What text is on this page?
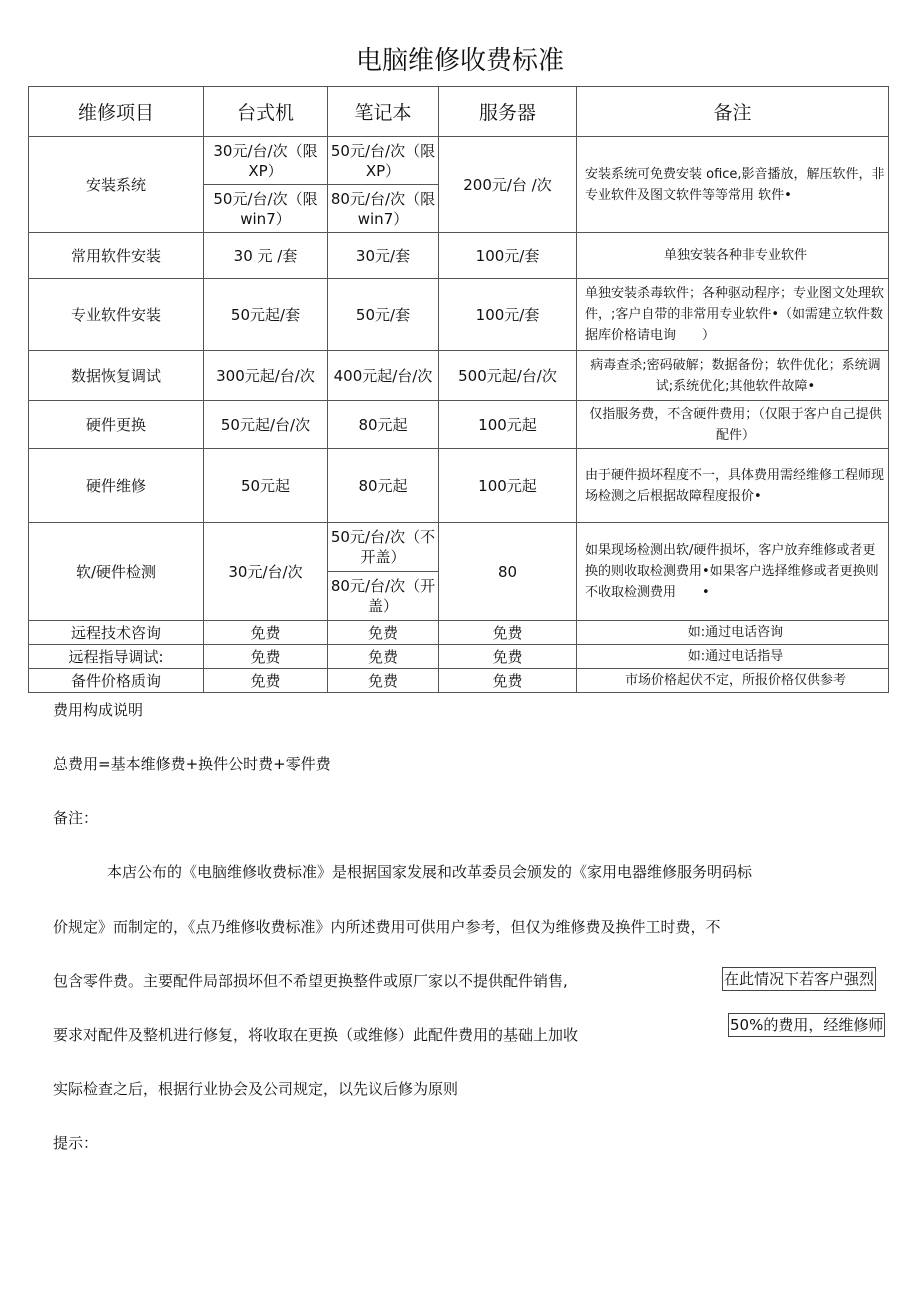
电脑维修收费标准
维修项目	台式机	笔记本	服务器	备注
安装系统	30元/台/次（限XP）	50元/台/次（限XP）	200元/台 /次	安装系统可免费安装 ofice,影音播放，解压软件，非专业软件及图文软件等等常用 软件•
	50元/台/次（限win7）	80元/台/次（限win7）		
常用软件安装	30 元 /套	30元/套	100元/套	单独安装各种非专业软件
专业软件安装	50元起/套	50元/套	100元/套	单独安装杀毒软件；各种驱动程序；专业图文处理软件，;客户自带的非常用专业软件•（如需建立软件数据库价格请电询　　）
数据恢复调试	300元起/台/次	400元起/台/次	500元起/台/次	病毒查杀;密码破解；数据备份；软件优化；系统调试;系统优化;其他软件故障•
硬件更换	50元起/台/次	80元起	100元起	仅指服务费，不含硬件费用；（仅限于客户自己提供配件）
硬件维修	50元起	80元起	100元起	由于硬件损坏程度不一，具体费用需经维修工程师现场检测之后根据故障程度报价•
软/硬件检测	30元/台/次	50元/台/次（不开盖）	80	如果现场检测出软/硬件损坏，客户放弃维修或者更换的则收取检测费用•如果客户选择维修或者更换则不收取检测费用　　•
		80元/台/次（开盖）		
远程技术咨询	免费	免费	免费	如:通过电话咨询
远程指导调试:	免费	免费	免费	如:通过电话指导
备件价格质询	免费	免费	免费	市场价格起伏不定，所报价格仅供参考
费用构成说明
总费用=基本维修费+换件公时费+零件费
备注：
本店公布的《电脑维修收费标准》是根据国家发展和改革委员会颁发的《家用电器维修服务明码标
价规定》而制定的，《点乃维修收费标准》内所述费用可供用户参考，但仅为维修费及换件工时费，不
包含零件费。主要配件局部损坏但不希望更换整件或原厂家以不提供配件销售,	在此情况下若客户强烈
要求对配件及整机进行修复，将收取在更换（或维修）此配件费用的基础上加收
50%的费用，经维修师
实际检查之后，根据行业协会及公司规定，以先议后修为原则
提示：
